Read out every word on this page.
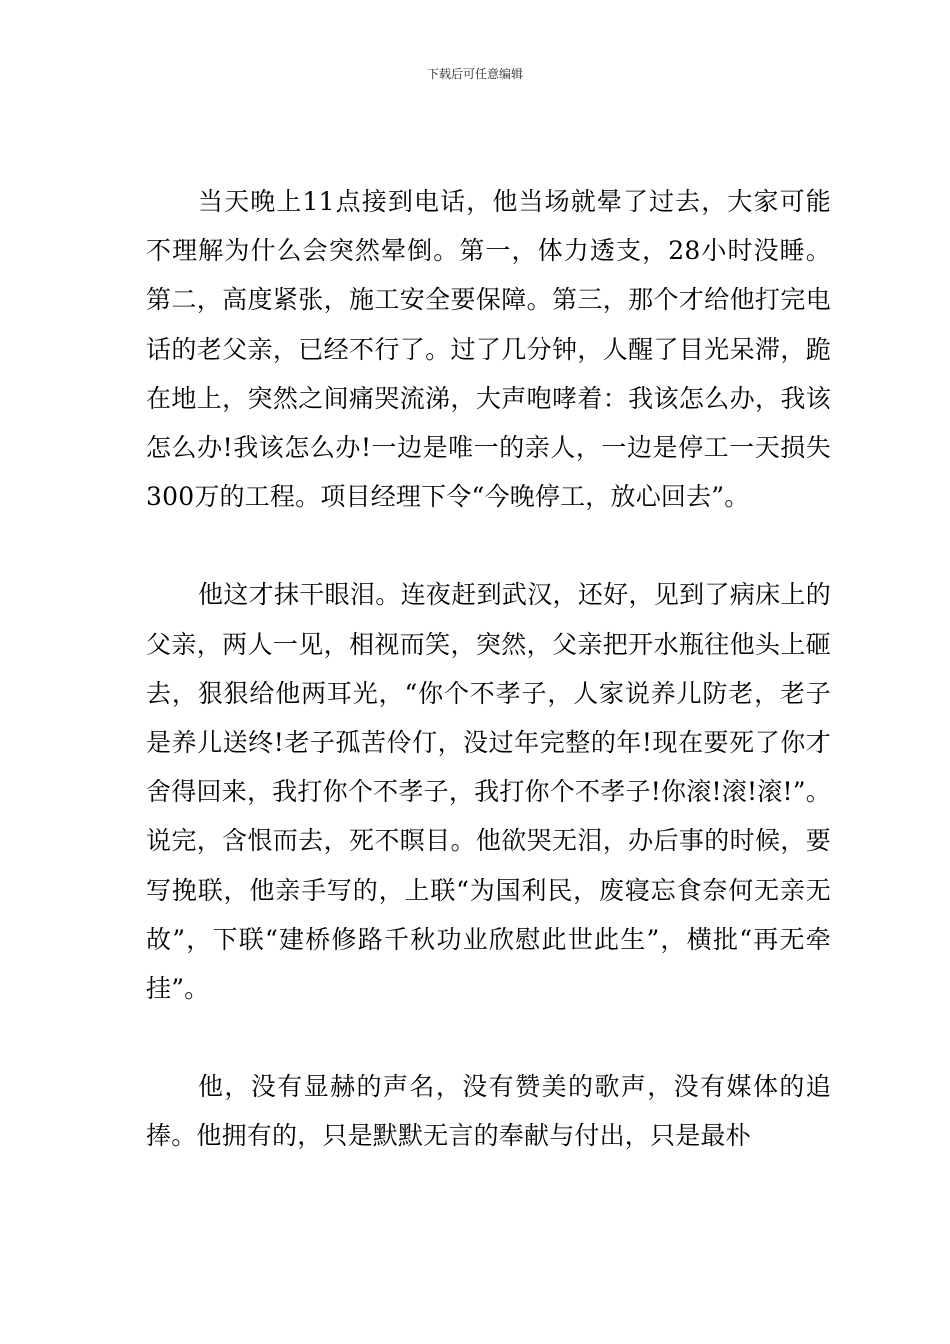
下载后可任意编辑

当天晚上11点接到电话，他当场就晕了过去，大家可能不理解为什么会突然晕倒。第一，体力透支，28小时没睡。第二，高度紧张，施工安全要保障。第三，那个才给他打完电话的老父亲，已经不行了。过了几分钟，人醒了目光呆滞，跪在地上，突然之间痛哭流涕，大声咆哮着：我该怎么办，我该怎么办!我该怎么办!一边是唯一的亲人，一边是停工一天损失300万的工程。项目经理下令“今晚停工，放心回去”。

他这才抹干眼泪。连夜赶到武汉，还好，见到了病床上的父亲，两人一见，相视而笑，突然，父亲把开水瓶往他头上砸去，狠狠给他两耳光，“你个不孝子，人家说养儿防老，老子是养儿送终!老子孤苦伶仃，没过年完整的年!现在要死了你才舍得回来，我打你个不孝子，我打你个不孝子!你滚!滚!滚!”。说完，含恨而去，死不瞑目。他欲哭无泪，办后事的时候，要写挽联，他亲手写的，上联“为国利民，废寝忘食奈何无亲无故”，下联“建桥修路千秋功业欣慰此世此生”，横批“再无牵挂”。

他，没有显赫的声名，没有赞美的歌声，没有媒体的追捧。他拥有的，只是默默无言的奉献与付出，只是最朴
